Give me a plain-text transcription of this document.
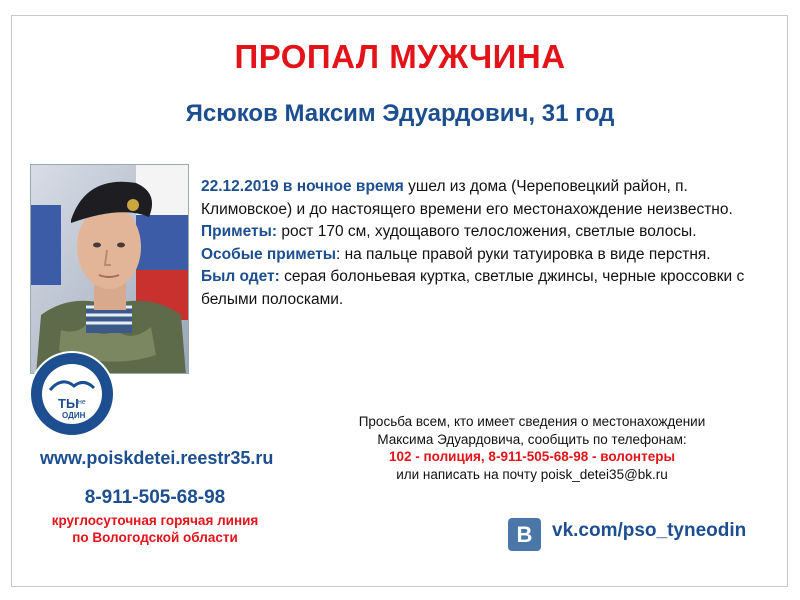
ПРОПАЛ МУЖЧИНА
Ясюков Максим Эдуардович, 31 год

22.12.2019 в ночное время ушел из дома (Череповецкий район, п. Климовское) и до настоящего времени его местонахождение неизвестно.

Приметы: рост 170 см, худощавого телосложения, светлые волосы.

Особые приметы: на пальце правой руки татуировка в виде перстня.

Был одет: серая болоньевая куртка, светлые джинсы, черные кроссовки с белыми полосками.

ТЫ не
ОДИН
www.poiskdetei.reestr35.ru
8-911-505-68-98
круглосуточная горячая линия
по Вологодской области
Просьба всем, кто имеет сведения о местонахождении
Максима Эдуардовича, сообщить по телефонам:
102 - полиция, 8-911-505-68-98 - волонтеры
или написать на почту poisk_detei35@bk.ru
B	vk.com/pso_tyneodin
